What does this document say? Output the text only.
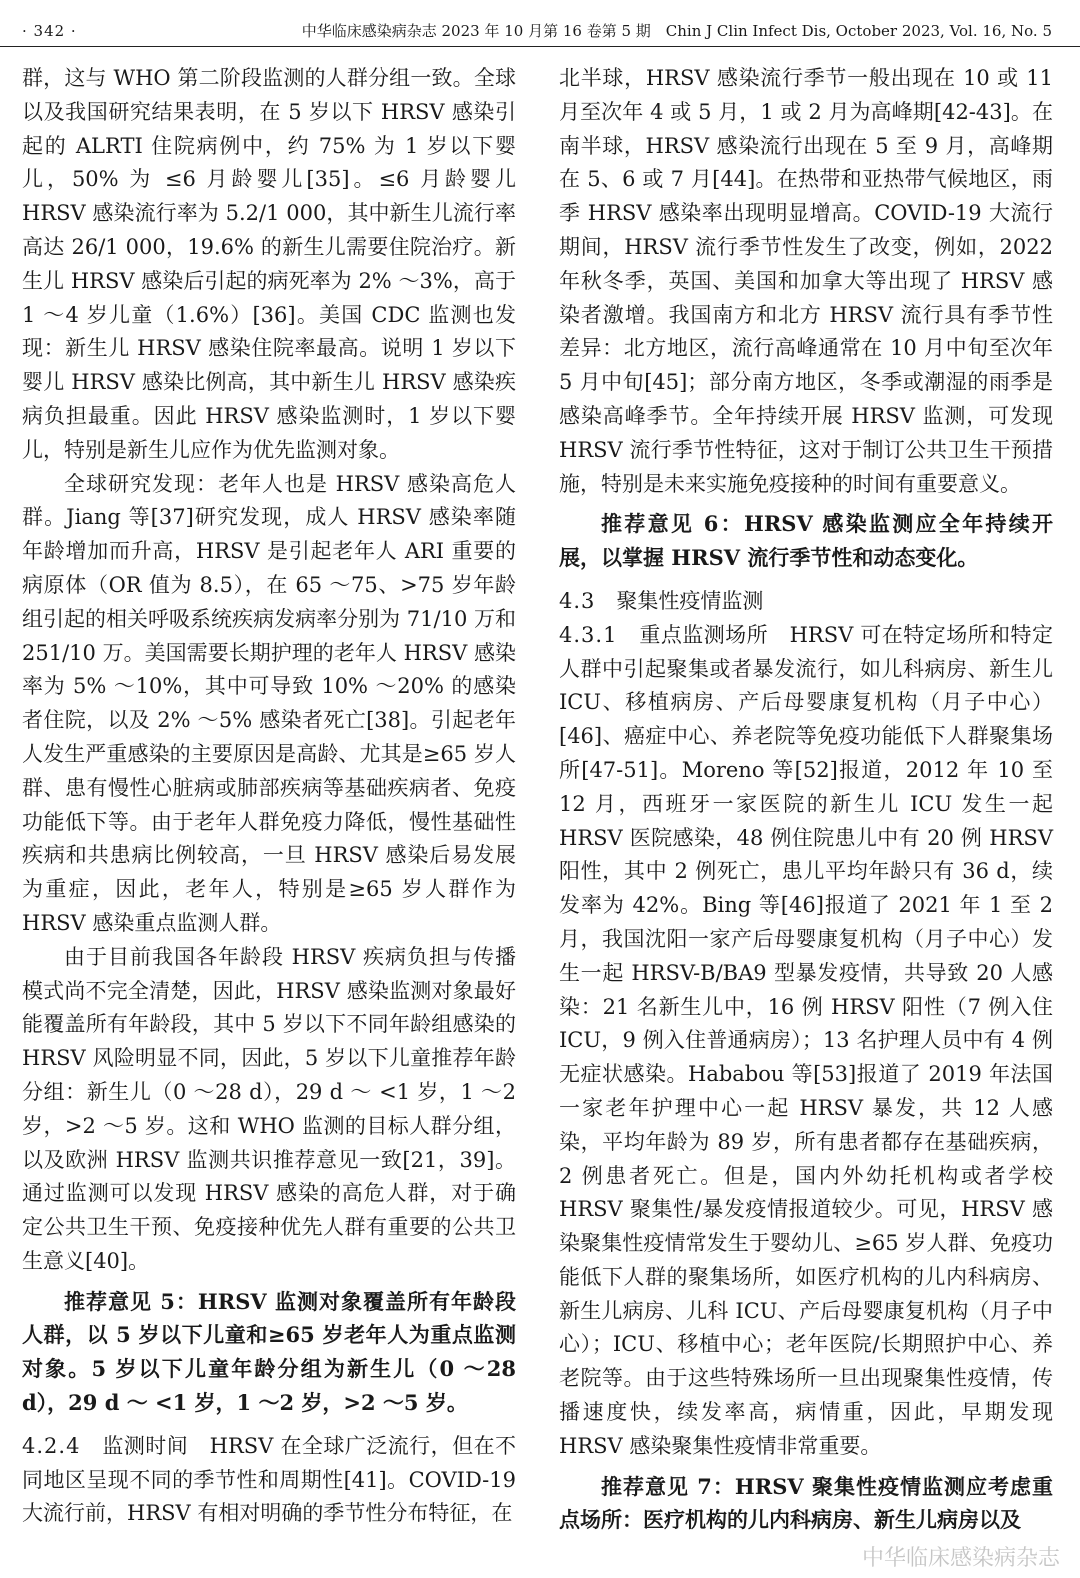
· 342 ·	中华临床感染病杂志 2023 年 10 月第 16 卷第 5 期　Chin J Clin Infect Dis, October 2023, Vol. 16, No. 5

群，这与 WHO 第二阶段监测的人群分组一致。全球以及我国研究结果表明，在 5 岁以下 HRSV 感染引起的 ALRTI 住院病例中，约 75% 为 1 岁以下婴儿，50% 为 ≤6 月龄婴儿[35]。≤6 月龄婴儿 HRSV 感染流行率为 5.2/1 000，其中新生儿流行率高达 26/1 000，19.6% 的新生儿需要住院治疗。新生儿 HRSV 感染后引起的病死率为 2% ～3%，高于 1 ～4 岁儿童（1.6%）[36]。美国 CDC 监测也发现：新生儿 HRSV 感染住院率最高。说明 1 岁以下婴儿 HRSV 感染比例高，其中新生儿 HRSV 感染疾病负担最重。因此 HRSV 感染监测时，1 岁以下婴儿，特别是新生儿应作为优先监测对象。

全球研究发现：老年人也是 HRSV 感染高危人群。Jiang 等[37]研究发现，成人 HRSV 感染率随年龄增加而升高，HRSV 是引起老年人 ARI 重要的病原体（OR 值为 8.5），在 65 ～75、>75 岁年龄组引起的相关呼吸系统疾病发病率分别为 71/10 万和 251/10 万。美国需要长期护理的老年人 HRSV 感染率为 5% ～10%，其中可导致 10% ～20% 的感染者住院，以及 2% ～5% 感染者死亡[38]。引起老年人发生严重感染的主要原因是高龄、尤其是≥65 岁人群、患有慢性心脏病或肺部疾病等基础疾病者、免疫功能低下等。由于老年人群免疫力降低，慢性基础性疾病和共患病比例较高，一旦 HRSV 感染后易发展为重症，因此，老年人，特别是≥65 岁人群作为 HRSV 感染重点监测人群。

由于目前我国各年龄段 HRSV 疾病负担与传播模式尚不完全清楚，因此，HRSV 感染监测对象最好能覆盖所有年龄段，其中 5 岁以下不同年龄组感染的 HRSV 风险明显不同，因此，5 岁以下儿童推荐年龄分组：新生儿（0 ～28 d），29 d ～ <1 岁，1 ～2 岁，>2 ～5 岁。这和 WHO 监测的目标人群分组，以及欧洲 HRSV 监测共识推荐意见一致[21，39]。通过监测可以发现 HRSV 感染的高危人群，对于确定公共卫生干预、免疫接种优先人群有重要的公共卫生意义[40]。

推荐意见 5：HRSV 监测对象覆盖所有年龄段人群，以 5 岁以下儿童和≥65 岁老年人为重点监测对象。5 岁以下儿童年龄分组为新生儿（0 ～28 d），29 d ～ <1 岁，1 ～2 岁，>2 ～5 岁。

4.2.4　 监测时间　 HRSV 在全球广泛流行，但在不同地区呈现不同的季节性和周期性[41]。COVID-19 大流行前，HRSV 有相对明确的季节性分布特征，在

北半球，HRSV 感染流行季节一般出现在 10 或 11 月至次年 4 或 5 月，1 或 2 月为高峰期[42-43]。在南半球，HRSV 感染流行出现在 5 至 9 月，高峰期在 5、6 或 7 月[44]。在热带和亚热带气候地区，雨季 HRSV 感染率出现明显增高。COVID-19 大流行期间，HRSV 流行季节性发生了改变，例如，2022 年秋冬季，英国、美国和加拿大等出现了 HRSV 感染者激增。我国南方和北方 HRSV 流行具有季节性差异：北方地区，流行高峰通常在 10 月中旬至次年 5 月中旬[45]；部分南方地区，冬季或潮湿的雨季是感染高峰季节。全年持续开展 HRSV 监测，可发现 HRSV 流行季节性特征，这对于制订公共卫生干预措施，特别是未来实施免疫接种的时间有重要意义。

推荐意见 6：HRSV 感染监测应全年持续开展，以掌握 HRSV 流行季节性和动态变化。

4.3　 聚集性疫情监测

4.3.1　 重点监测场所　 HRSV 可在特定场所和特定人群中引起聚集或者暴发流行，如儿科病房、新生儿 ICU、移植病房、产后母婴康复机构（月子中心）[46]、癌症中心、养老院等免疫功能低下人群聚集场所[47-51]。Moreno 等[52]报道，2012 年 10 至 12 月，西班牙一家医院的新生儿 ICU 发生一起 HRSV 医院感染，48 例住院患儿中有 20 例 HRSV 阳性，其中 2 例死亡，患儿平均年龄只有 36 d，续发率为 42%。Bing 等[46]报道了 2021 年 1 至 2 月，我国沈阳一家产后母婴康复机构（月子中心）发生一起 HRSV-B/BA9 型暴发疫情，共导致 20 人感染：21 名新生儿中，16 例 HRSV 阳性（7 例入住 ICU，9 例入住普通病房）；13 名护理人员中有 4 例无症状感染。Hababou 等[53]报道了 2019 年法国一家老年护理中心一起 HRSV 暴发，共 12 人感染，平均年龄为 89 岁，所有患者都存在基础疾病，2 例患者死亡。但是，国内外幼托机构或者学校 HRSV 聚集性/暴发疫情报道较少。可见，HRSV 感染聚集性疫情常发生于婴幼儿、≥65 岁人群、免疫功能低下人群的聚集场所，如医疗机构的儿内科病房、新生儿病房、儿科 ICU、产后母婴康复机构（月子中心）；ICU、移植中心；老年医院/长期照护中心、养老院等。由于这些特殊场所一旦出现聚集性疫情，传播速度快，续发率高，病情重，因此，早期发现 HRSV 感染聚集性疫情非常重要。

推荐意见 7：HRSV 聚集性疫情监测应考虑重点场所：医疗机构的儿内科病房、新生儿病房以及

中华临床感染病杂志
